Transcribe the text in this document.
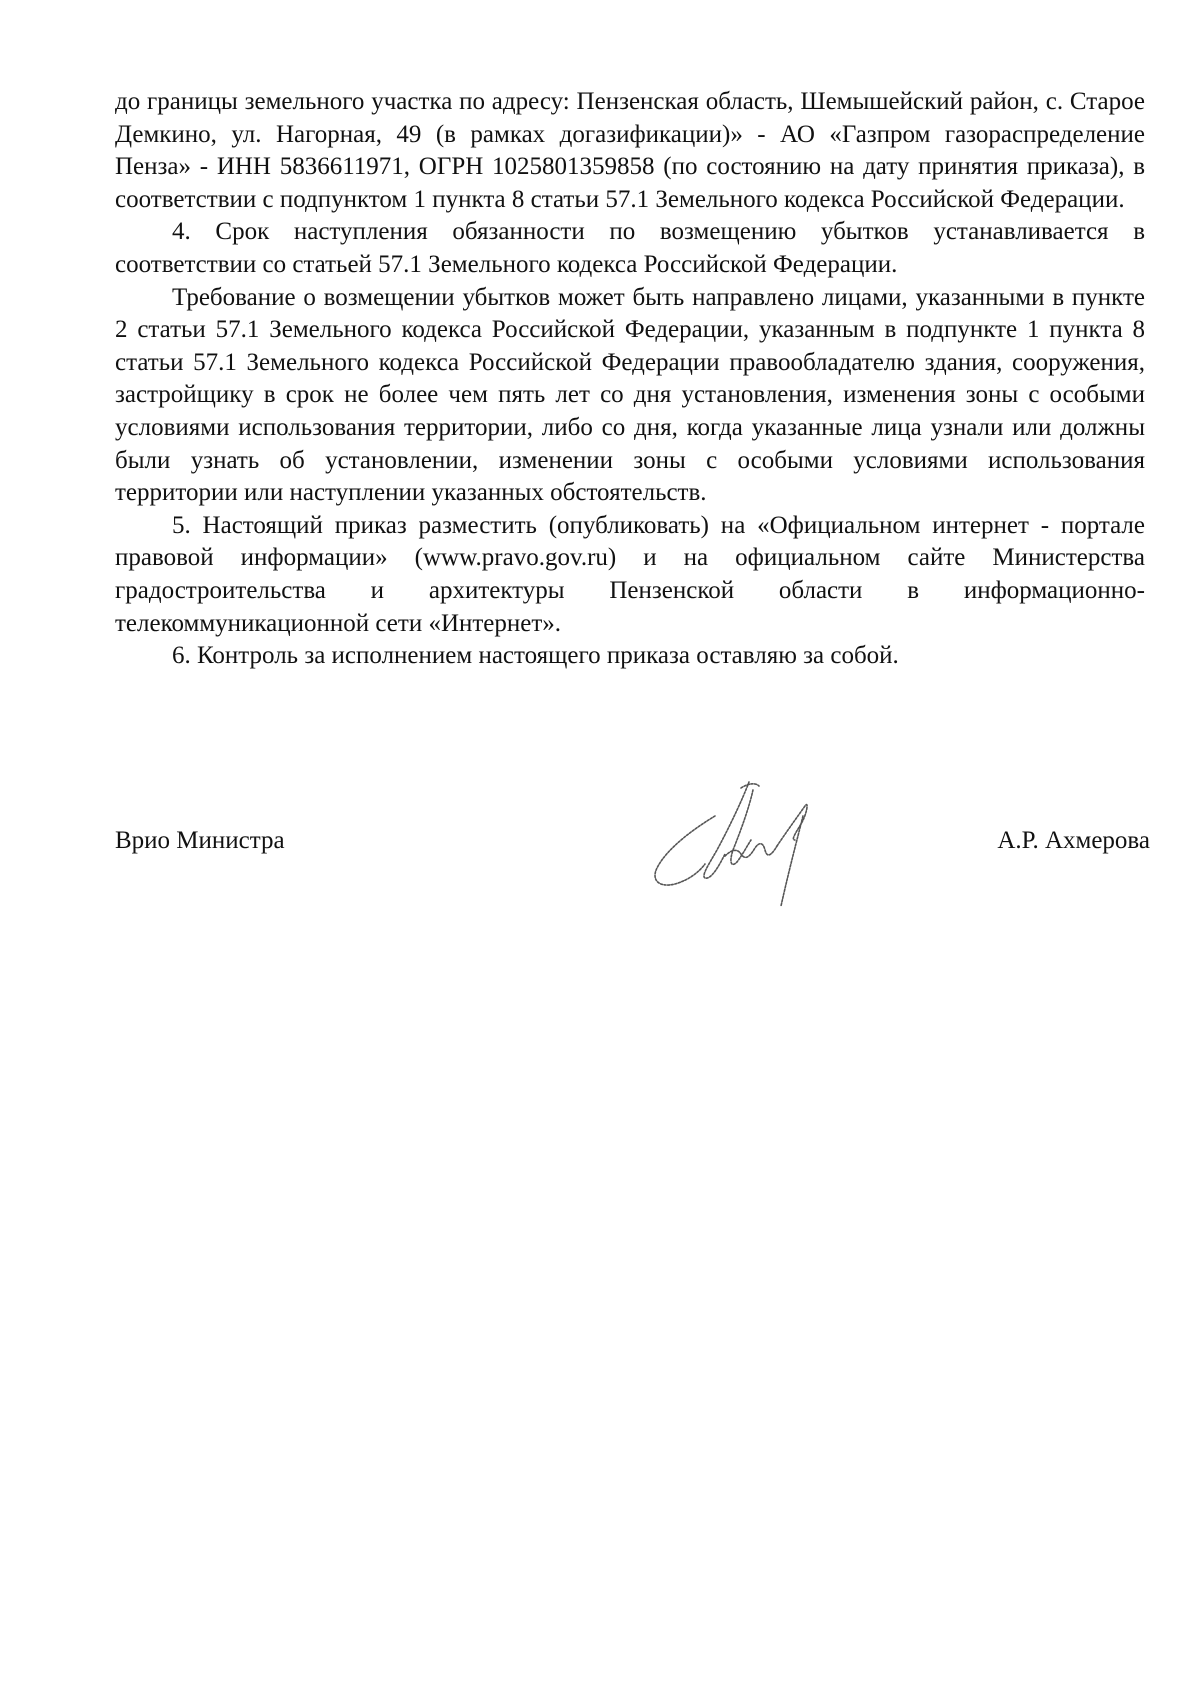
до границы земельного участка по адресу: Пензенская область, Шемышейский район, с. Старое Демкино, ул. Нагорная, 49 (в рамках догазификации)» - АО «Газпром газораспределение Пенза» - ИНН 5836611971, ОГРН 1025801359858 (по состоянию на дату принятия приказа), в соответствии с подпунктом 1 пункта 8 статьи 57.1 Земельного кодекса Российской Федерации.

4. Срок наступления обязанности по возмещению убытков устанавливается в соответствии со статьей 57.1 Земельного кодекса Российской Федерации.

Требование о возмещении убытков может быть направлено лицами, указанными в пункте 2 статьи 57.1 Земельного кодекса Российской Федерации, указанным в подпункте 1 пункта 8 статьи 57.1 Земельного кодекса Российской Федерации правообладателю здания, сооружения, застройщику в срок не более чем пять лет со дня установления, изменения зоны с особыми условиями использования территории, либо со дня, когда указанные лица узнали или должны были узнать об установлении, изменении зоны с особыми условиями использования территории или наступлении указанных обстоятельств.

5. Настоящий приказ разместить (опубликовать) на «Официальном интернет - портале правовой информации» (www.pravo.gov.ru) и на официальном сайте Министерства градостроительства и архитектуры Пензенской области в информационно-телекоммуникационной сети «Интернет».

6. Контроль за исполнением настоящего приказа оставляю за собой.

Врио Министра	А.Р. Ахмерова
